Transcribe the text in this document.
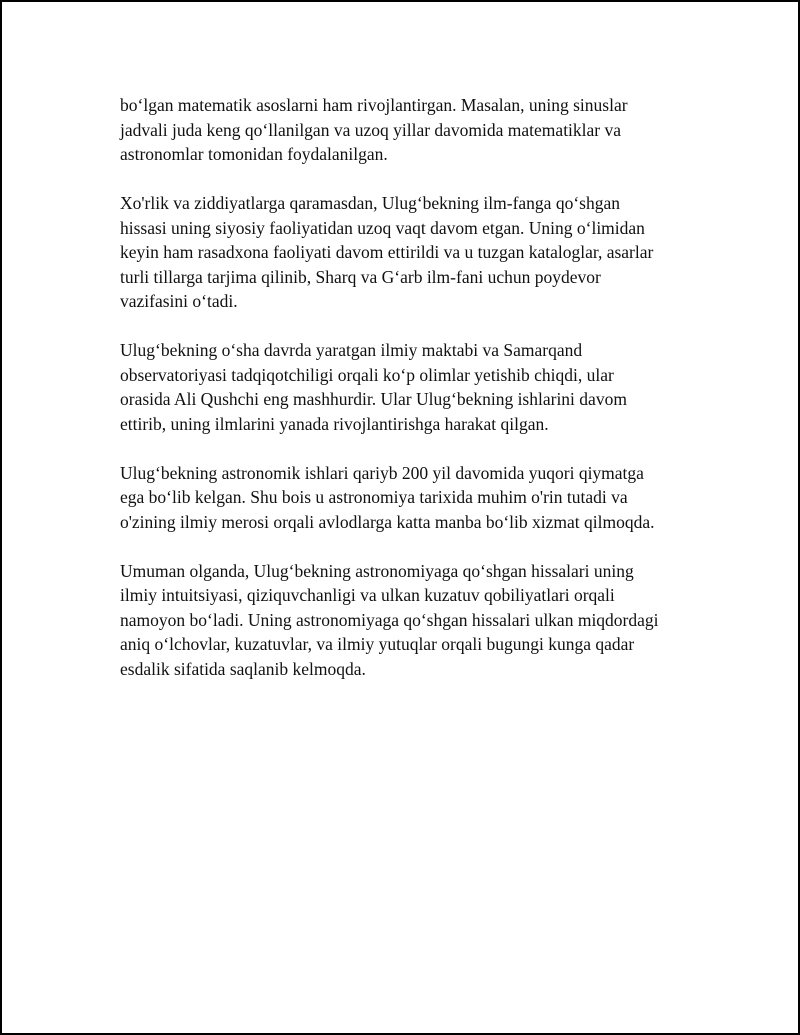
bo‘lgan matematik asoslarni ham rivojlantirgan. Masalan, uning sinuslar
jadvali juda keng qo‘llanilgan va uzoq yillar davomida matematiklar va
astronomlar tomonidan foydalanilgan.

Xo'rlik va ziddiyatlarga qaramasdan, Ulug‘bekning ilm-fanga qo‘shgan
hissasi uning siyosiy faoliyatidan uzoq vaqt davom etgan. Uning o‘limidan
keyin ham rasadxona faoliyati davom ettirildi va u tuzgan kataloglar, asarlar
turli tillarga tarjima qilinib, Sharq va G‘arb ilm-fani uchun poydevor
vazifasini o‘tadi.

Ulug‘bekning o‘sha davrda yaratgan ilmiy maktabi va Samarqand
observatoriyasi tadqiqotchiligi orqali ko‘p olimlar yetishib chiqdi, ular
orasida Ali Qushchi eng mashhurdir. Ular Ulug‘bekning ishlarini davom
ettirib, uning ilmlarini yanada rivojlantirishga harakat qilgan.

Ulug‘bekning astronomik ishlari qariyb 200 yil davomida yuqori qiymatga
ega bo‘lib kelgan. Shu bois u astronomiya tarixida muhim o'rin tutadi va
o'zining ilmiy merosi orqali avlodlarga katta manba bo‘lib xizmat qilmoqda.

Umuman olganda, Ulug‘bekning astronomiyaga qo‘shgan hissalari uning
ilmiy intuitsiyasi, qiziquvchanligi va ulkan kuzatuv qobiliyatlari orqali
namoyon bo‘ladi. Uning astronomiyaga qo‘shgan hissalari ulkan miqdordagi
aniq o‘lchovlar, kuzatuvlar, va ilmiy yutuqlar orqali bugungi kunga qadar
esdalik sifatida saqlanib kelmoqda.
